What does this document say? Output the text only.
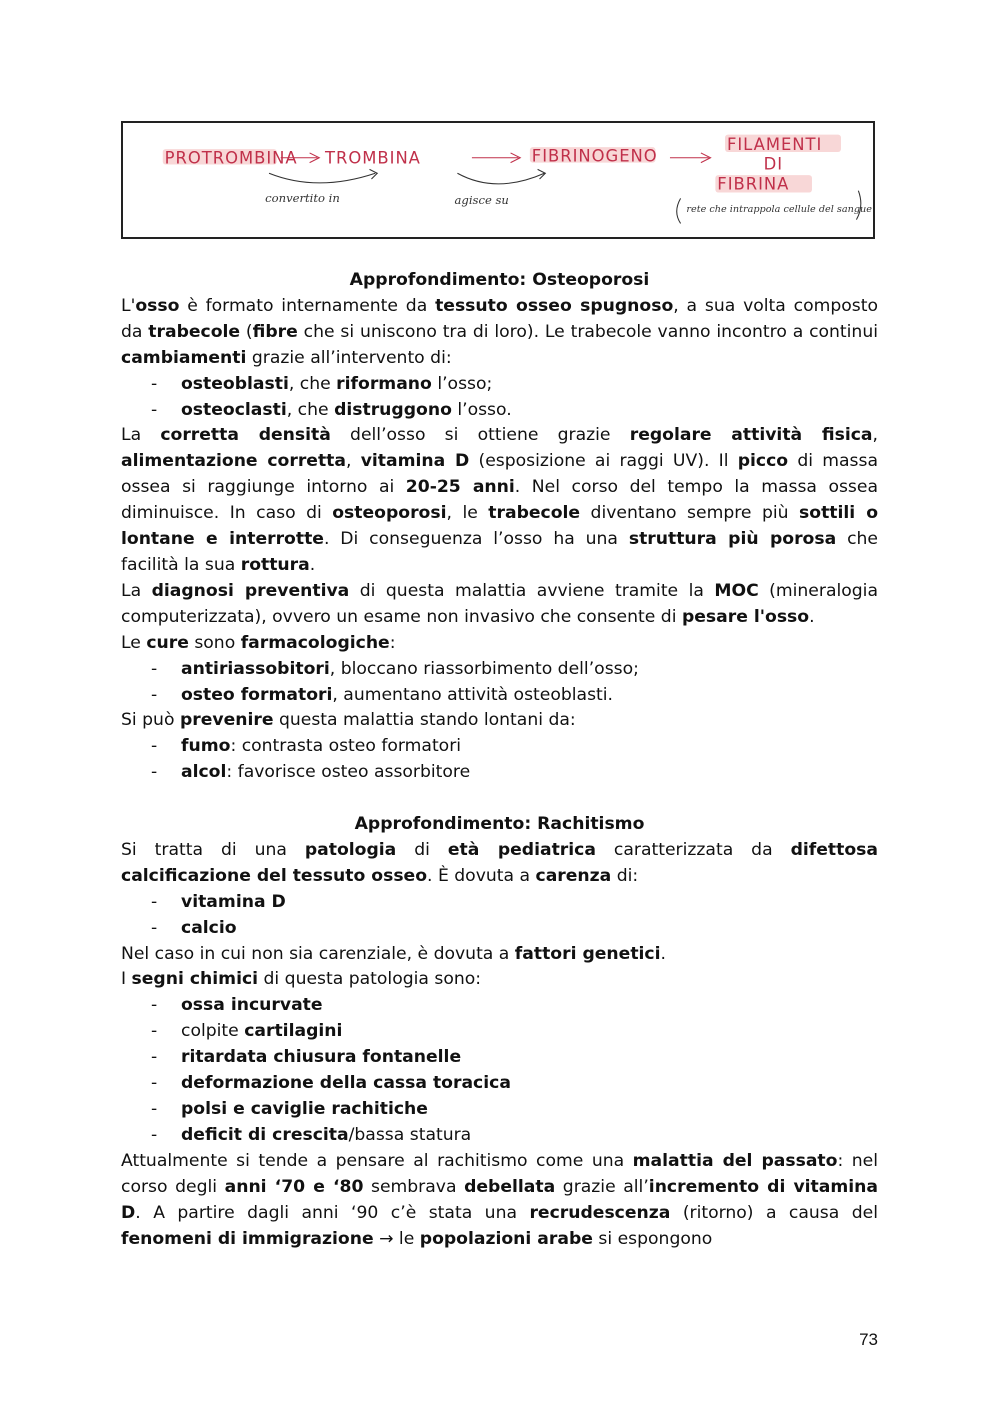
PROTROMBINA TROMBINA	FIBRINOGENO
FILAMENTI
DI
FIBRINA
convertito in	agisce su
rete che intrappola cellule del sangue
Approfondimento: Osteoporosi

L'osso è formato internamente da tessuto osseo spugnoso, a sua volta composto da trabecole (fibre che si uniscono tra di loro). Le trabecole vanno incontro a continui cambiamenti grazie all’intervento di:

- osteoblasti, che riformano l’osso;
- osteoclasti, che distruggono l’osso.

La corretta densità dell’osso si ottiene grazie regolare attività fisica, alimentazione corretta, vitamina D (esposizione ai raggi UV). Il picco di massa ossea si raggiunge intorno ai 20-25 anni. Nel corso del tempo la massa ossea diminuisce. In caso di osteoporosi, le trabecole diventano sempre più sottili o lontane e interrotte. Di conseguenza l’osso ha una struttura più porosa che facilità la sua rottura.

La diagnosi preventiva di questa malattia avviene tramite la MOC (mineralogia computerizzata), ovvero un esame non invasivo che consente di pesare l'osso.

Le cure sono farmacologiche:

- antiriassobitori, bloccano riassorbimento dell’osso;
- osteo formatori, aumentano attività osteoblasti.

Si può prevenire questa malattia stando lontani da:

- fumo: contrasta osteo formatori
- alcol: favorisce osteo assorbitore
Approfondimento: Rachitismo

Si tratta di una patologia di età pediatrica caratterizzata da difettosa calcificazione del tessuto osseo. È dovuta a carenza di:

- vitamina D
- calcio

Nel caso in cui non sia carenziale, è dovuta a fattori genetici.

I segni chimici di questa patologia sono:

- ossa incurvate
- colpite cartilagini
- ritardata chiusura fontanelle
- deformazione della cassa toracica
- polsi e caviglie rachitiche
- deficit di crescita/bassa statura

Attualmente si tende a pensare al rachitismo come una malattia del passato: nel corso degli anni ‘70 e ‘80 sembrava debellata grazie all’incremento di vitamina D. A partire dagli anni ‘90 c’è stata una recrudescenza (ritorno) a causa del fenomeni di immigrazione → le popolazioni arabe si espongono

73
